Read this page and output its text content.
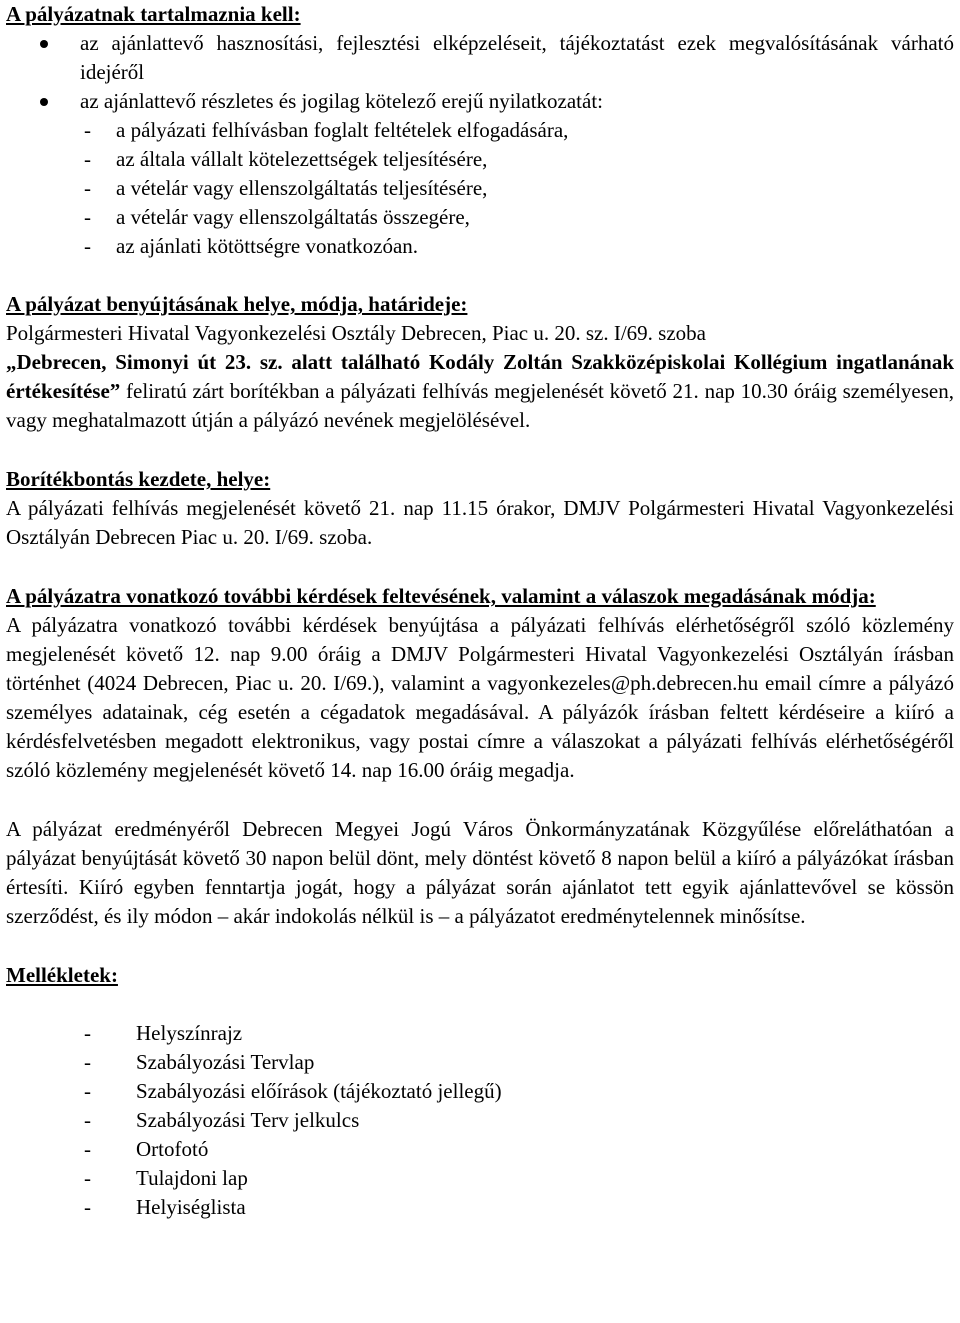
A pályázatnak tartalmaznia kell:
az ajánlattevő hasznosítási, fejlesztési elképzeléseit, tájékoztatást ezek megvalósításának várható idejéről
az ajánlattevő részletes és jogilag kötelező erejű nyilatkozatát:
- a pályázati felhívásban foglalt feltételek elfogadására,
- az általa vállalt kötelezettségek teljesítésére,
- a vételár vagy ellenszolgáltatás teljesítésére,
- a vételár vagy ellenszolgáltatás összegére,
- az ajánlati kötöttségre vonatkozóan.
A pályázat benyújtásának helye, módja, határideje:
Polgármesteri Hivatal Vagyonkezelési Osztály Debrecen, Piac u. 20. sz. I/69. szoba
„Debrecen, Simonyi út 23. sz. alatt található Kodály Zoltán Szakközépiskolai Kollégium ingatlanának értékesítése” feliratú zárt borítékban a pályázati felhívás megjelenését követő 21. nap 10.30 óráig személyesen, vagy meghatalmazott útján a pályázó nevének megjelölésével.
Borítékbontás kezdete, helye:
A pályázati felhívás megjelenését követő 21. nap 11.15 órakor, DMJV Polgármesteri Hivatal Vagyonkezelési Osztályán Debrecen Piac u. 20. I/69. szoba.
A pályázatra vonatkozó további kérdések feltevésének, valamint a válaszok megadásának módja:
A pályázatra vonatkozó további kérdések benyújtása a pályázati felhívás elérhetőségről szóló közlemény megjelenését követő 12. nap 9.00 óráig a DMJV Polgármesteri Hivatal Vagyonkezelési Osztályán írásban történhet (4024 Debrecen, Piac u. 20. I/69.), valamint a vagyonkezeles@ph.debrecen.hu email címre a pályázó személyes adatainak, cég esetén a cégadatok megadásával. A pályázók írásban feltett kérdéseire a kiíró a kérdésfelvetésben megadott elektronikus, vagy postai címre a válaszokat a pályázati felhívás elérhetőségéről szóló közlemény megjelenését követő 14. nap 16.00 óráig megadja.
A pályázat eredményéről Debrecen Megyei Jogú Város Önkormányzatának Közgyűlése előreláthatóan a pályázat benyújtását követő 30 napon belül dönt, mely döntést követő 8 napon belül a kiíró a pályázókat írásban értesíti. Kiíró egyben fenntartja jogát, hogy a pályázat során ajánlatot tett egyik ajánlattevővel se kössön szerződést, és ily módon – akár indokolás nélkül is – a pályázatot eredménytelennek minősítse.
Mellékletek:
- Helyszínrajz
- Szabályozási Tervlap
- Szabályozási előírások (tájékoztató jellegű)
- Szabályozási Terv jelkulcs
- Ortofotó
- Tulajdoni lap
- Helyiséglista
